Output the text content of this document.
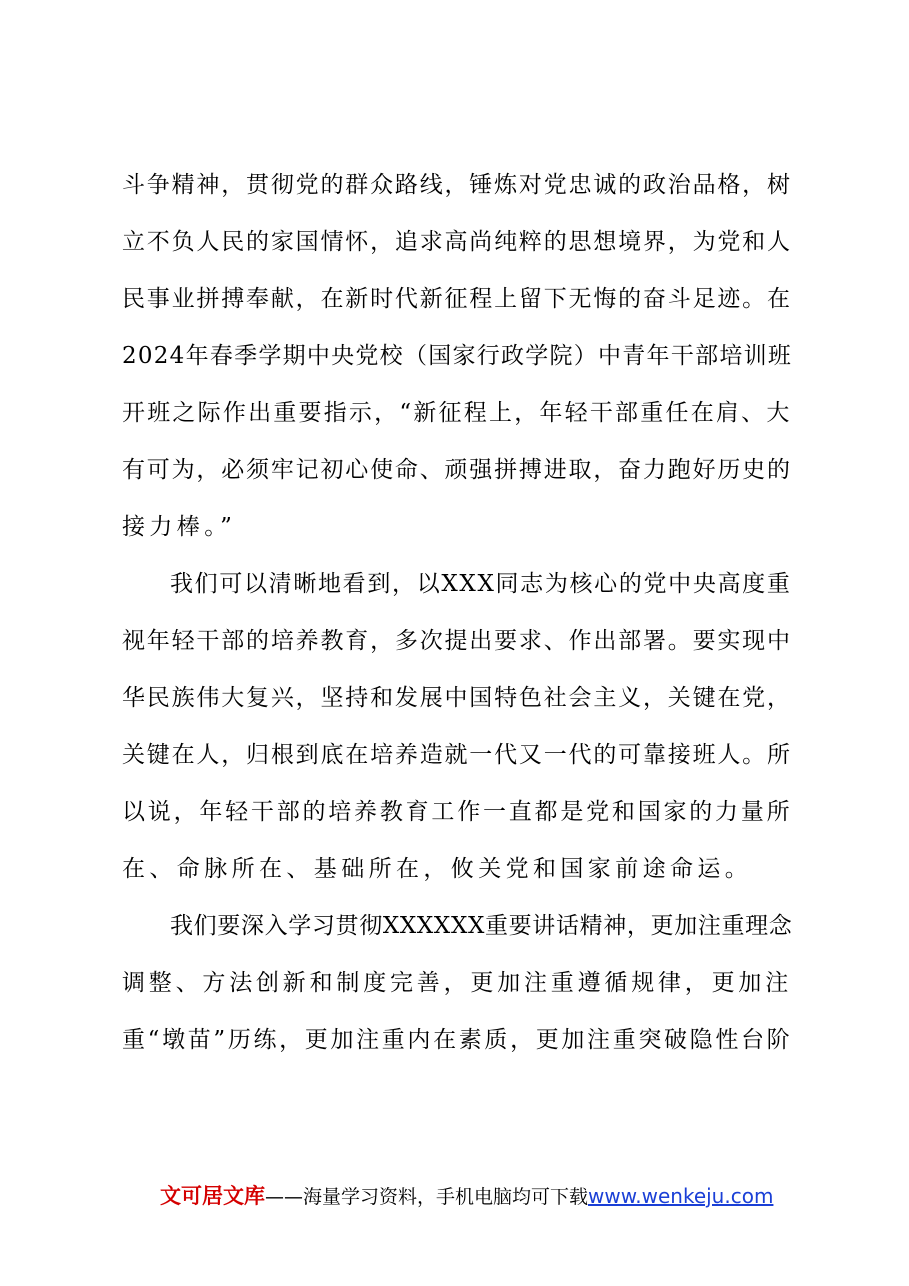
斗争精神，贯彻党的群众路线，锤炼对党忠诚的政治品格，树
立不负人民的家国情怀，追求高尚纯粹的思想境界，为党和人
民事业拼搏奉献，在新时代新征程上留下无悔的奋斗足迹。在
2024年春季学期中央党校（国家行政学院）中青年干部培训班
开班之际作出重要指示，“新征程上，年轻干部重任在肩、大
有可为，必须牢记初心使命、顽强拼搏进取，奋力跑好历史的
接力棒。”
我们可以清晰地看到，以XXX同志为核心的党中央高度重
视年轻干部的培养教育，多次提出要求、作出部署。要实现中
华民族伟大复兴，坚持和发展中国特色社会主义，关键在党，
关键在人，归根到底在培养造就一代又一代的可靠接班人。所
以说，年轻干部的培养教育工作一直都是党和国家的力量所
在、命脉所在、基础所在，攸关党和国家前途命运。
我们要深入学习贯彻XXXXXX重要讲话精神，更加注重理念
调整、方法创新和制度完善，更加注重遵循规律，更加注
重“墩苗”历练，更加注重内在素质，更加注重突破隐性台阶
文可居文库——海量学习资料，手机电脑均可下载www.wenkeju.com
